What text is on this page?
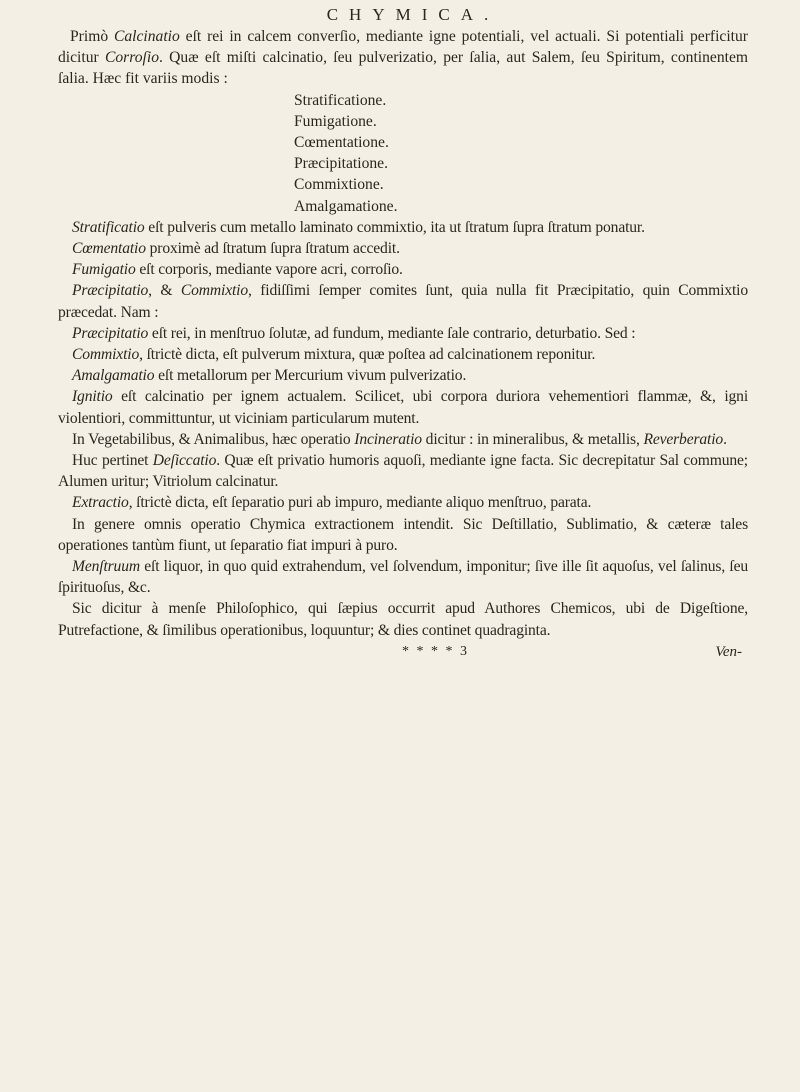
CHYMICA.

Primò Calcinatio eſt rei in calcem converſio, mediante igne potentiali, vel actuali. Si potentiali perficitur dicitur Corroſio. Quæ eſt miſti calcinatio, ſeu pulverizatio, per ſalia, aut Salem, ſeu Spiritum, continentem ſalia. Hæc fit variis modis :

Stratificatione.
Fumigatione.
Cœmentatione.
Præcipitatione.
Commixtione.
Amalgamatione.

Stratificatio eſt pulveris cum metallo laminato commixtio, ita ut ſtratum ſupra ſtratum ponatur.

Cœmentatio proximè ad ſtratum ſupra ſtratum accedit.

Fumigatio eſt corporis, mediante vapore acri, corroſio.

Præcipitatio, & Commixtio, fidiſſimi ſemper comites ſunt, quia nulla fit Præcipitatio, quin Commixtio præcedat. Nam :

Præcipitatio eſt rei, in menſtruo ſolutæ, ad fundum, mediante ſale contrario, deturbatio. Sed :

Commixtio, ſtrictè dicta, eſt pulverum mixtura, quæ poſtea ad calcinationem reponitur.

Amalgamatio eſt metallorum per Mercurium vivum pulverizatio.

Ignitio eſt calcinatio per ignem actualem. Scilicet, ubi corpora duriora vehementiori flammæ, &, igni violentiori, committuntur, ut viciniam particularum mutent.

In Vegetabilibus, & Animalibus, hæc operatio Incineratio dicitur : in mineralibus, & metallis, Reverberatio.

Huc pertinet Deſiccatio. Quæ eſt privatio humoris aquoſi, mediante igne facta. Sic decrepitatur Sal commune; Alumen uritur; Vitriolum calcinatur.

Extractio, ſtrictè dicta, eſt ſeparatio puri ab impuro, mediante aliquo menſtruo, parata.

In genere omnis operatio Chymica extractionem intendit. Sic Deſtillatio, Sublimatio, & cæteræ tales operationes tantùm fiunt, ut ſeparatio fiat impuri à puro.

Menſtruum eſt liquor, in quo quid extrahendum, vel ſolvendum, imponitur; ſive ille ſit aquoſus, vel ſalinus, ſeu ſpirituoſus, &c.

Sic dicitur à menſe Philoſophico, qui ſæpius occurrit apud Authores Chemicos, ubi de Digeſtione, Putrefactione, & ſimilibus operationibus, loquuntur; & dies continet quadraginta.

* * * * 3	Ven-
